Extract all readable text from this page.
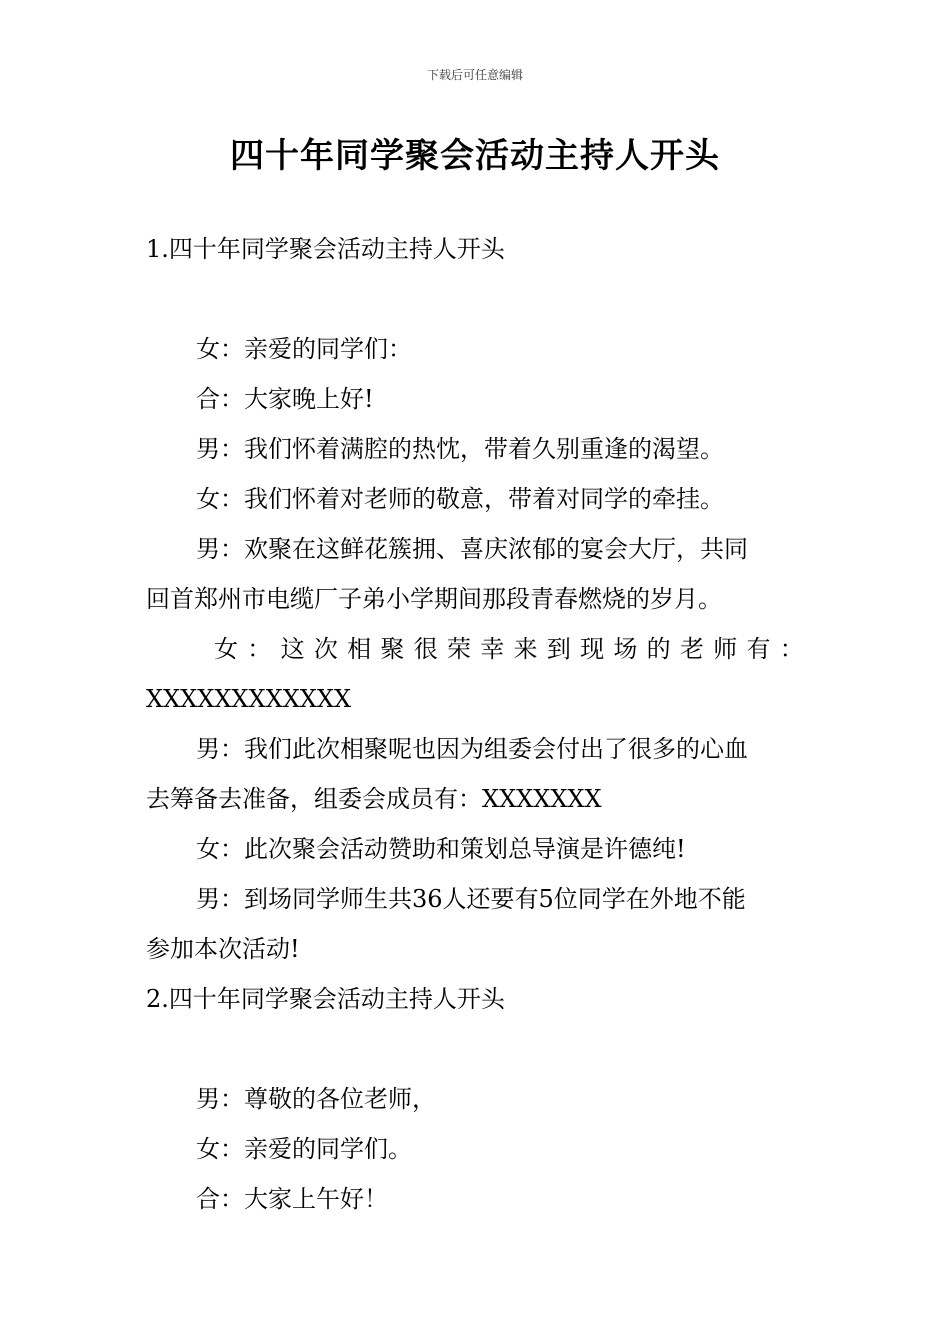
下载后可任意编辑
四十年同学聚会活动主持人开头
1.四十年同学聚会活动主持人开头
女：亲爱的同学们：
合：大家晚上好!
男：我们怀着满腔的热忱，带着久别重逢的渴望。
女：我们怀着对老师的敬意，带着对同学的牵挂。
男：欢聚在这鲜花簇拥、喜庆浓郁的宴会大厅，共同
回首郑州市电缆厂子弟小学期间那段青春燃烧的岁月。
女 ： 这 次 相 聚 很 荣 幸 来 到 现 场 的 老 师 有 ：
XXXXXXXXXXXX
男：我们此次相聚呢也因为组委会付出了很多的心血
去筹备去准备，组委会成员有：XXXXXXX
女：此次聚会活动赞助和策划总导演是许德纯!
男：到场同学师生共36人还要有5位同学在外地不能
参加本次活动!
2.四十年同学聚会活动主持人开头
男：尊敬的各位老师，
女：亲爱的同学们。
合：大家上午好！
